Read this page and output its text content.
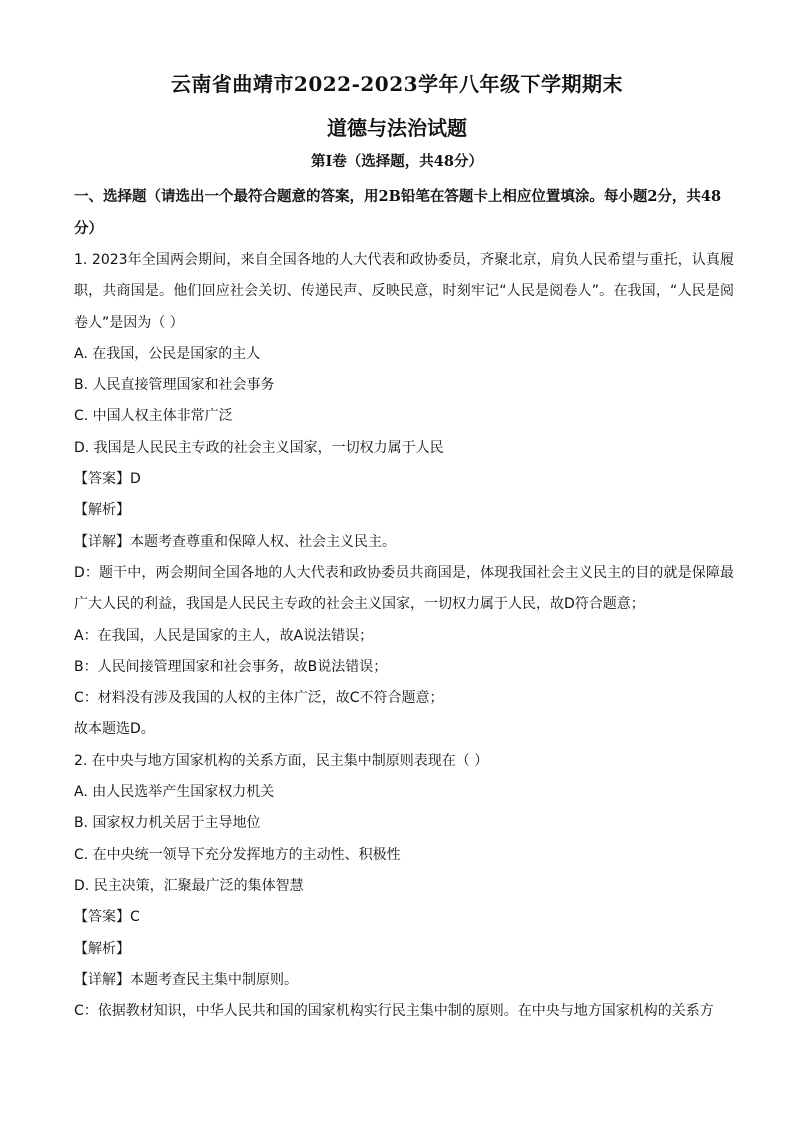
云南省曲靖市2022-2023学年八年级下学期期末
道德与法治试题
第I卷（选择题，共48分）
一、选择题（请选出一个最符合题意的答案，用2B铅笔在答题卡上相应位置填涂。每小题2分，共48分）
1. 2023年全国两会期间，来自全国各地的人大代表和政协委员，齐聚北京，肩负人民希望与重托，认真履职，共商国是。他们回应社会关切、传递民声、反映民意，时刻牢记“人民是阅卷人”。在我国，“人民是阅卷人”是因为（ ）
A. 在我国，公民是国家的主人
B. 人民直接管理国家和社会事务
C. 中国人权主体非常广泛
D. 我国是人民民主专政的社会主义国家，一切权力属于人民
【答案】D
【解析】
【详解】本题考查尊重和保障人权、社会主义民主。
D：题干中，两会期间全国各地的人大代表和政协委员共商国是，体现我国社会主义民主的目的就是保障最广大人民的利益，我国是人民民主专政的社会主义国家，一切权力属于人民，故D符合题意；
A：在我国，人民是国家的主人，故A说法错误；
B：人民间接管理国家和社会事务，故B说法错误；
C：材料没有涉及我国的人权的主体广泛，故C不符合题意；
故本题选D。
2. 在中央与地方国家机构的关系方面，民主集中制原则表现在（ ）
A. 由人民选举产生国家权力机关
B. 国家权力机关居于主导地位
C. 在中央统一领导下充分发挥地方的主动性、积极性
D. 民主决策，汇聚最广泛的集体智慧
【答案】C
【解析】
【详解】本题考查民主集中制原则。
C：依据教材知识，中华人民共和国的国家机构实行民主集中制的原则。在中央与地方国家机构的关系方
